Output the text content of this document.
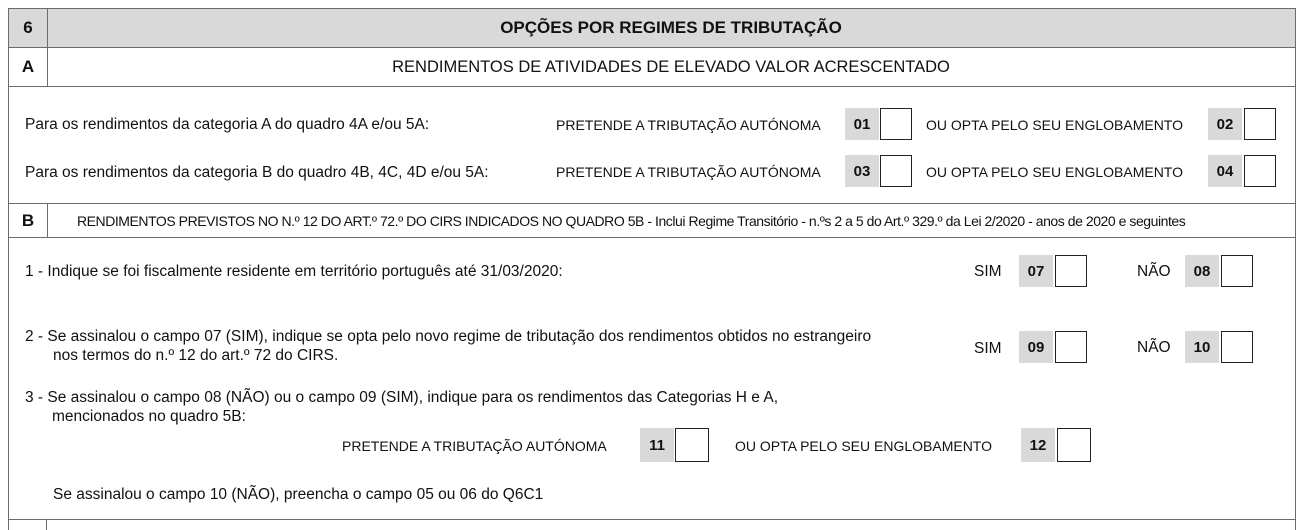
6	OPÇÕES POR REGIMES DE TRIBUTAÇÃO
A	RENDIMENTOS DE ATIVIDADES DE ELEVADO VALOR ACRESCENTADO
Para os rendimentos da categoria A do quadro 4A e/ou 5A:	PRETENDE A TRIBUTAÇÃO AUTÓNOMA	01	OU OPTA PELO SEU ENGLOBAMENTO	02
Para os rendimentos da categoria B do quadro 4B, 4C, 4D e/ou 5A:	PRETENDE A TRIBUTAÇÃO AUTÓNOMA	03	OU OPTA PELO SEU ENGLOBAMENTO	04
B	RENDIMENTOS PREVISTOS NO N.º 12 DO ART.º 72.º DO CIRS INDICADOS NO QUADRO 5B - Inclui Regime Transitório - n.ºs 2 a 5 do Art.º 329.º da Lei 2/2020 - anos de 2020 e seguintes
1 - Indique se foi fiscalmente residente em território português até 31/03/2020:	SIM	07	NÃO	08
2 - Se assinalou o campo 07 (SIM), indique se opta pelo novo regime de tributação dos rendimentos obtidos no estrangeiro
nos termos do n.º 12 do art.º 72 do CIRS.	SIM	09	NÃO	10
3 - Se assinalou o campo 08 (NÃO) ou o campo 09 (SIM), indique para os rendimentos das Categorias H e A,
mencionados no quadro 5B:
PRETENDE A TRIBUTAÇÃO AUTÓNOMA	11	OU OPTA PELO SEU ENGLOBAMENTO	12
Se assinalou o campo 10 (NÃO), preencha o campo 05 ou 06 do Q6C1
